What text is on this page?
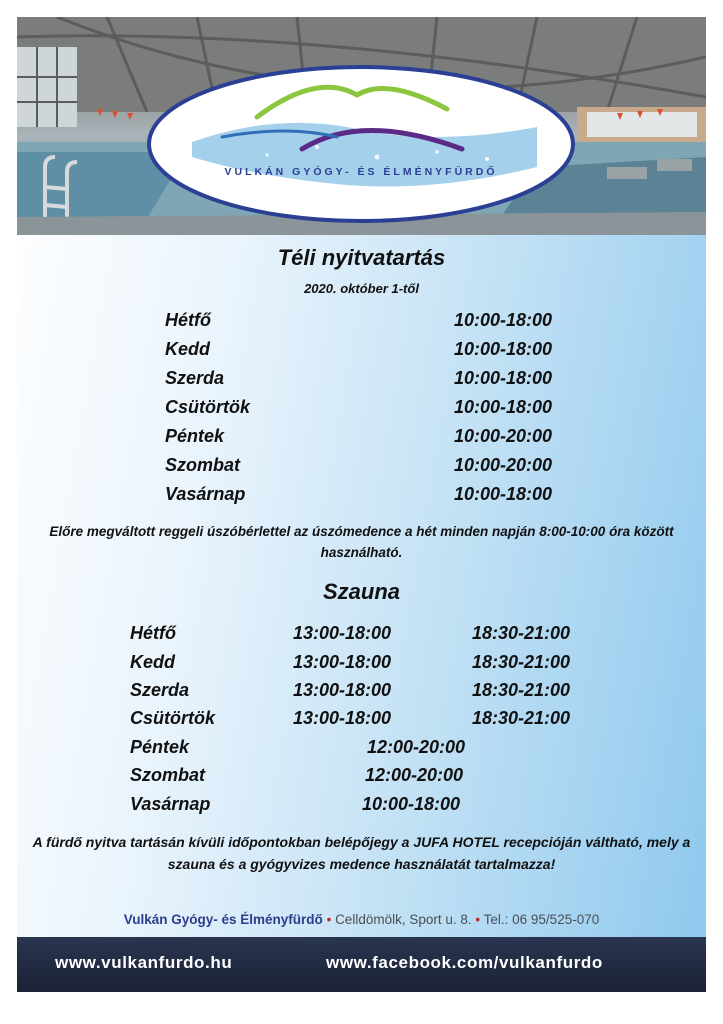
VULKÁN GYÓGY- ÉS ÉLMÉNYFÜRDŐ
Téli nyitvatartás
2020. október 1-től
Hétfő	10:00-18:00
Kedd	10:00-18:00
Szerda	10:00-18:00
Csütörtök	10:00-18:00
Péntek	10:00-20:00
Szombat	10:00-20:00
Vasárnap	10:00-18:00
Előre megváltott reggeli úszóbérlettel az úszómedence a hét minden napján 8:00-10:00 óra között használható.
Szauna
Hétfő	13:00-18:00	18:30-21:00
Kedd	13:00-18:00	18:30-21:00
Szerda	13:00-18:00	18:30-21:00
Csütörtök	13:00-18:00	18:30-21:00
Péntek	12:00-20:00
Szombat	12:00-20:00
Vasárnap	10:00-18:00
A fürdő nyitva tartásán kívüli időpontokban belépőjegy a JUFA HOTEL recepcióján váltható, mely a szauna és a gyógyvizes medence használatát tartalmazza!
Vulkán Gyógy- és Élményfürdő • Celldömölk, Sport u. 8. • Tel.: 06 95/525-070
www.vulkanfurdo.hu	www.facebook.com/vulkanfurdo
